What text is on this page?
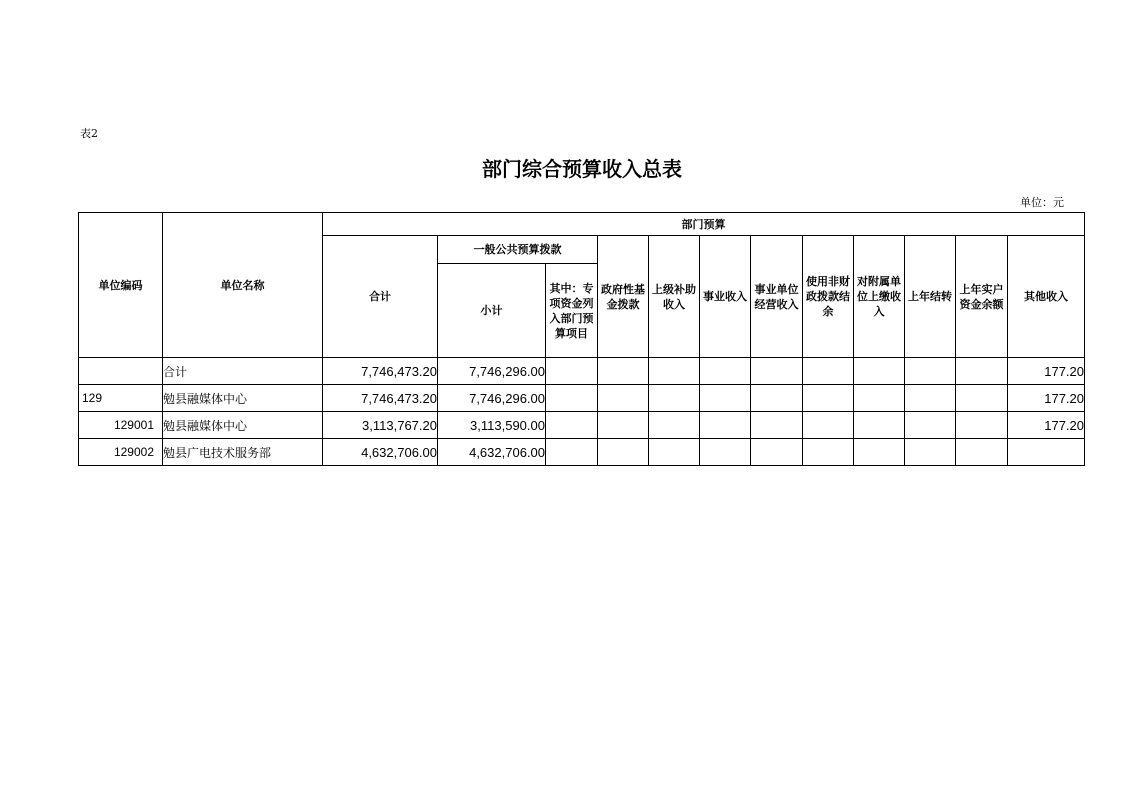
表2
部门综合预算收入总表
单位：元
单位编码	单位名称	部门预算											
		合计	一般公共预算拨款		政府性基金拨款	上级补助收入	事业收入	事业单位经营收入	使用非财政拨款结余	对附属单位上缴收入	上年结转	上年实户资金余额	其他收入
			小计	其中：专项资金列入部门预算项目									
	合计	7,746,473.20	7,746,296.00										177.20
129	勉县融媒体中心	7,746,473.20	7,746,296.00										177.20
129001	勉县融媒体中心	3,113,767.20	3,113,590.00										177.20
129002	勉县广电技术服务部	4,632,706.00	4,632,706.00										
